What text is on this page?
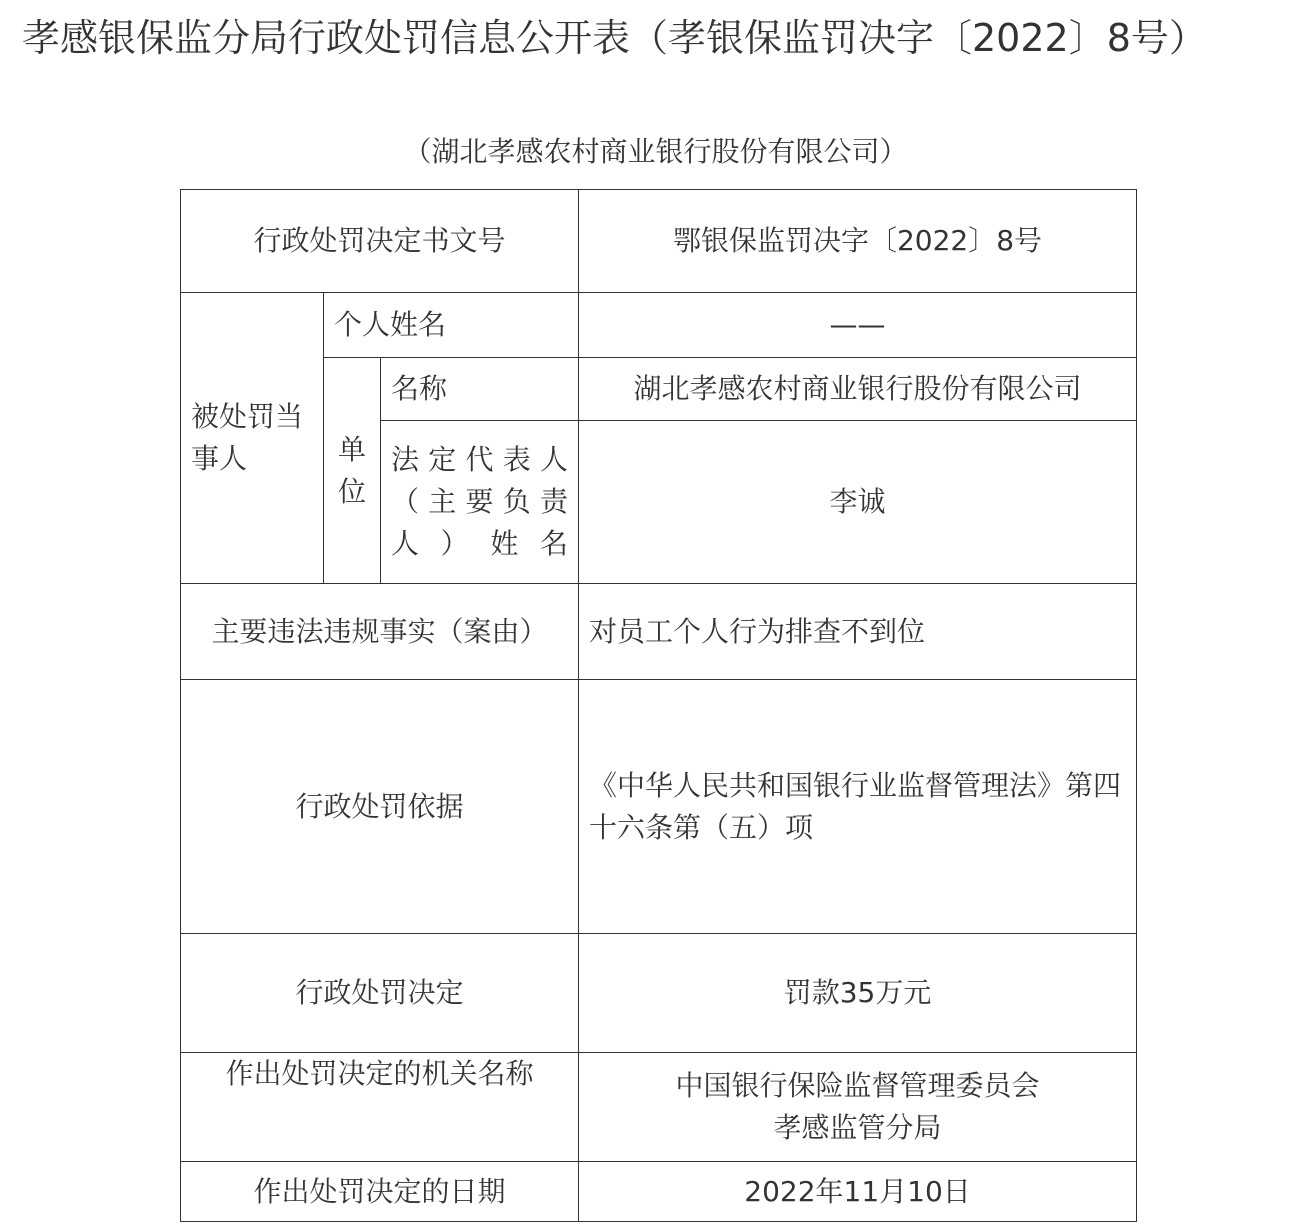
孝感银保监分局行政处罚信息公开表（孝银保监罚决字〔2022〕8号）
（湖北孝感农村商业银行股份有限公司）
行政处罚决定书文号			鄂银保监罚决字〔2022〕8号
被处罚当事人	个人姓名		——
	单位	名称	湖北孝感农村商业银行股份有限公司
		法定代表人（主要负责人）姓名	李诚
主要违法违规事实（案由）			对员工个人行为排查不到位
行政处罚依据			《中华人民共和国银行业监督管理法》第四十六条第（五）项
行政处罚决定			罚款35万元
作出处罚决定的机关名称			中国银行保险监督管理委员会
孝感监管分局

作出处罚决定的日期			2022年11月10日
